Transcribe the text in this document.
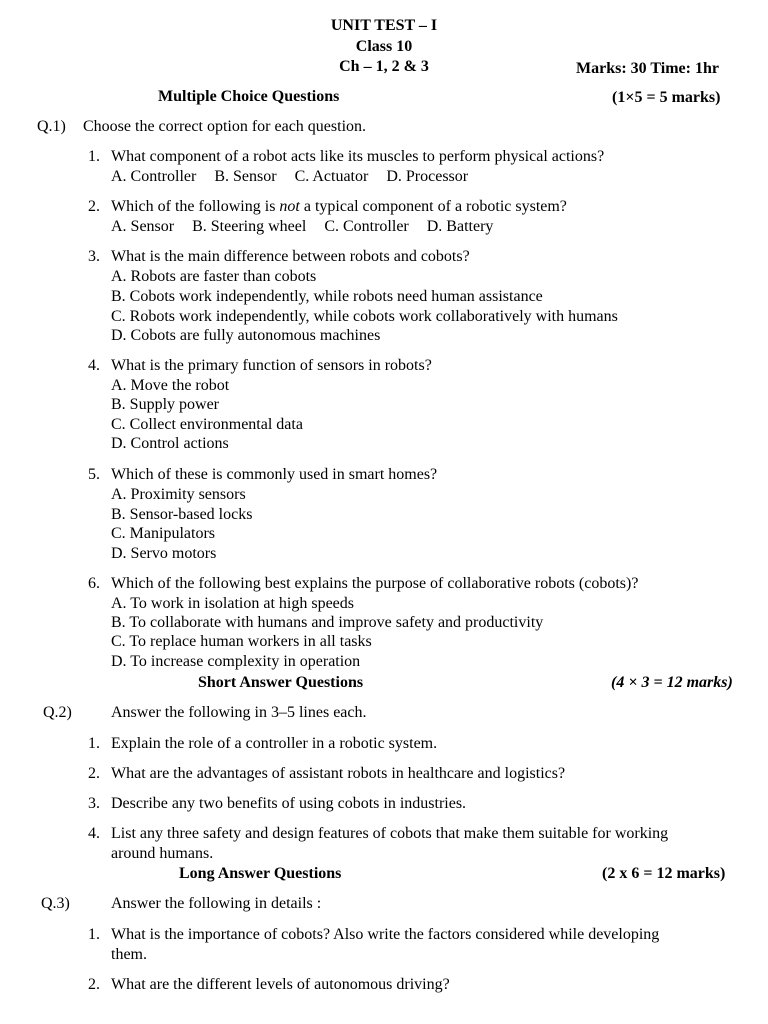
UNIT TEST – I
Class 10
Ch – 1, 2 & 3	Marks: 30 Time: 1hr
Multiple Choice Questions	(1×5 = 5 marks)
Q.1) Choose the correct option for each question.
1. What component of a robot acts like its muscles to perform physical actions?
A. Controller B. Sensor C. Actuator D. Processor
2. Which of the following is not a typical component of a robotic system?
A. Sensor B. Steering wheel C. Controller D. Battery
3. What is the main difference between robots and cobots?
A. Robots are faster than cobots
B. Cobots work independently, while robots need human assistance
C. Robots work independently, while cobots work collaboratively with humans
D. Cobots are fully autonomous machines
4. What is the primary function of sensors in robots?
A. Move the robot
B. Supply power
C. Collect environmental data
D. Control actions
5. Which of these is commonly used in smart homes?
A. Proximity sensors
B. Sensor-based locks
C. Manipulators
D. Servo motors
6. Which of the following best explains the purpose of collaborative robots (cobots)?
A. To work in isolation at high speeds
B. To collaborate with humans and improve safety and productivity
C. To replace human workers in all tasks
D. To increase complexity in operation
Short Answer Questions	(4 × 3 = 12 marks)
Q.2) Answer the following in 3–5 lines each.
1. Explain the role of a controller in a robotic system.
2. What are the advantages of assistant robots in healthcare and logistics?
3. Describe any two benefits of using cobots in industries.
4. List any three safety and design features of cobots that make them suitable for working
around humans.
Long Answer Questions	(2 x 6 = 12 marks)
Q.3)	Answer the following in details :
1. What is the importance of cobots? Also write the factors considered while developing
them.
2. What are the different levels of autonomous driving?
